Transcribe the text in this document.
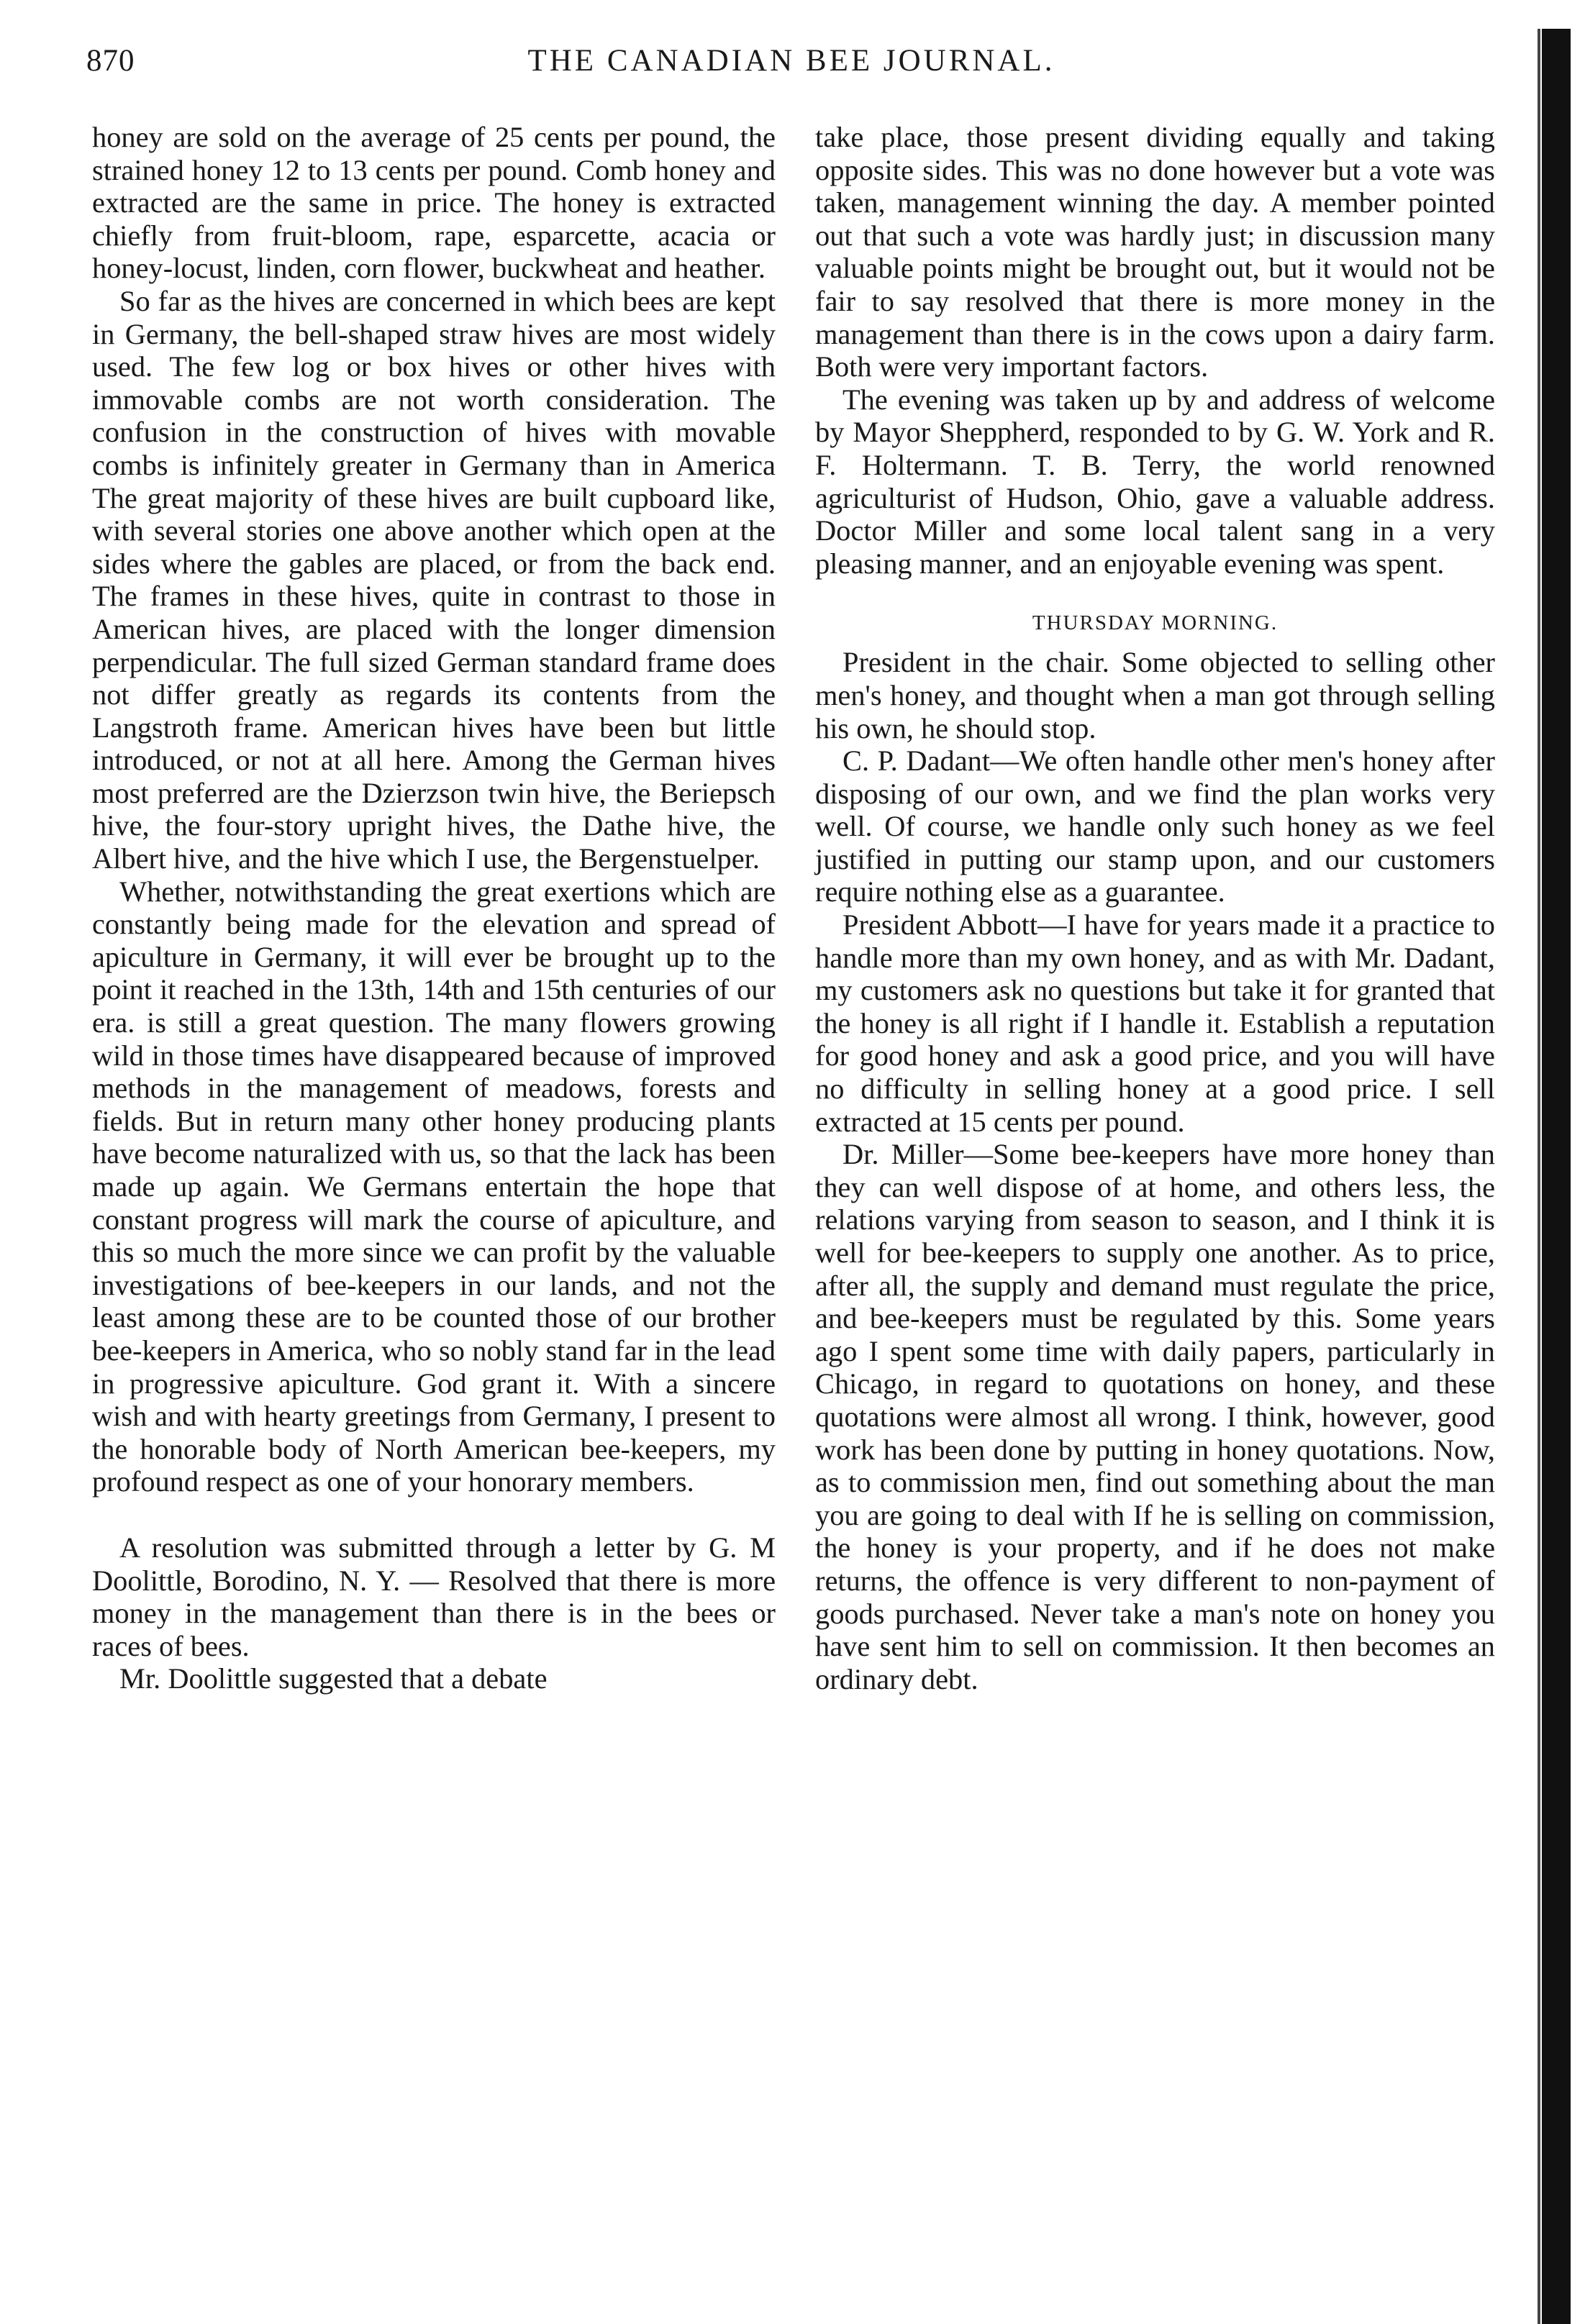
870	THE CANADIAN BEE JOURNAL.

honey are sold on the average of 25 cents per pound, the strained honey 12 to 13 cents per pound. Comb honey and extracted are the same in price. The honey is extracted chiefly from fruit-bloom, rape, esparcette, acacia or honey-locust, linden, corn flower, buckwheat and heather.

So far as the hives are concerned in which bees are kept in Germany, the bell-shaped straw hives are most widely used. The few log or box hives or other hives with immovable combs are not worth consideration. The confusion in the construction of hives with movable combs is infinitely greater in Germany than in America The great majority of these hives are built cupboard like, with several stories one above another which open at the sides where the gables are placed, or from the back end. The frames in these hives, quite in contrast to those in American hives, are placed with the longer dimension perpendicular. The full sized German standard frame does not differ greatly as regards its contents from the Langstroth frame. American hives have been but little introduced, or not at all here. Among the German hives most preferred are the Dzierzson twin hive, the Beriepsch hive, the four-story upright hives, the Dathe hive, the Albert hive, and the hive which I use, the Bergenstuelper.

Whether, notwithstanding the great exertions which are constantly being made for the elevation and spread of apiculture in Germany, it will ever be brought up to the point it reached in the 13th, 14th and 15th centuries of our era. is still a great question. The many flowers growing wild in those times have disappeared because of improved methods in the management of meadows, forests and fields. But in return many other honey producing plants have become naturalized with us, so that the lack has been made up again. We Germans entertain the hope that constant progress will mark the course of apiculture, and this so much the more since we can profit by the valuable investigations of bee-keepers in our lands, and not the least among these are to be counted those of our brother bee-keepers in America, who so nobly stand far in the lead in progressive apiculture. God grant it. With a sincere wish and with hearty greetings from Germany, I present to the honorable body of North American bee-keepers, my profound respect as one of your honorary members.

A resolution was submitted through a letter by G. M Doolittle, Borodino, N. Y. — Resolved that there is more money in the management than there is in the bees or races of bees.

Mr. Doolittle suggested that a debate

take place, those present dividing equally and taking opposite sides. This was no done however but a vote was taken, management winning the day. A member pointed out that such a vote was hardly just; in discussion many valuable points might be brought out, but it would not be fair to say resolved that there is more money in the management than there is in the cows upon a dairy farm. Both were very important factors.

The evening was taken up by and address of welcome by Mayor Sheppherd, responded to by G. W. York and R. F. Holtermann. T. B. Terry, the world renowned agriculturist of Hudson, Ohio, gave a valuable address. Doctor Miller and some local talent sang in a very pleasing manner, and an enjoyable evening was spent.

THURSDAY MORNING.

President in the chair. Some objected to selling other men's honey, and thought when a man got through selling his own, he should stop.

C. P. Dadant—We often handle other men's honey after disposing of our own, and we find the plan works very well. Of course, we handle only such honey as we feel justified in putting our stamp upon, and our customers require nothing else as a guarantee.

President Abbott—I have for years made it a practice to handle more than my own honey, and as with Mr. Dadant, my customers ask no questions but take it for granted that the honey is all right if I handle it. Establish a reputation for good honey and ask a good price, and you will have no difficulty in selling honey at a good price. I sell extracted at 15 cents per pound.

Dr. Miller—Some bee-keepers have more honey than they can well dispose of at home, and others less, the relations varying from season to season, and I think it is well for bee-keepers to supply one another. As to price, after all, the supply and demand must regulate the price, and bee-keepers must be regulated by this. Some years ago I spent some time with daily papers, particularly in Chicago, in regard to quotations on honey, and these quotations were almost all wrong. I think, however, good work has been done by putting in honey quotations. Now, as to commission men, find out something about the man you are going to deal with If he is selling on commission, the honey is your property, and if he does not make returns, the offence is very different to non-payment of goods purchased. Never take a man's note on honey you have sent him to sell on commission. It then becomes an ordinary debt.
